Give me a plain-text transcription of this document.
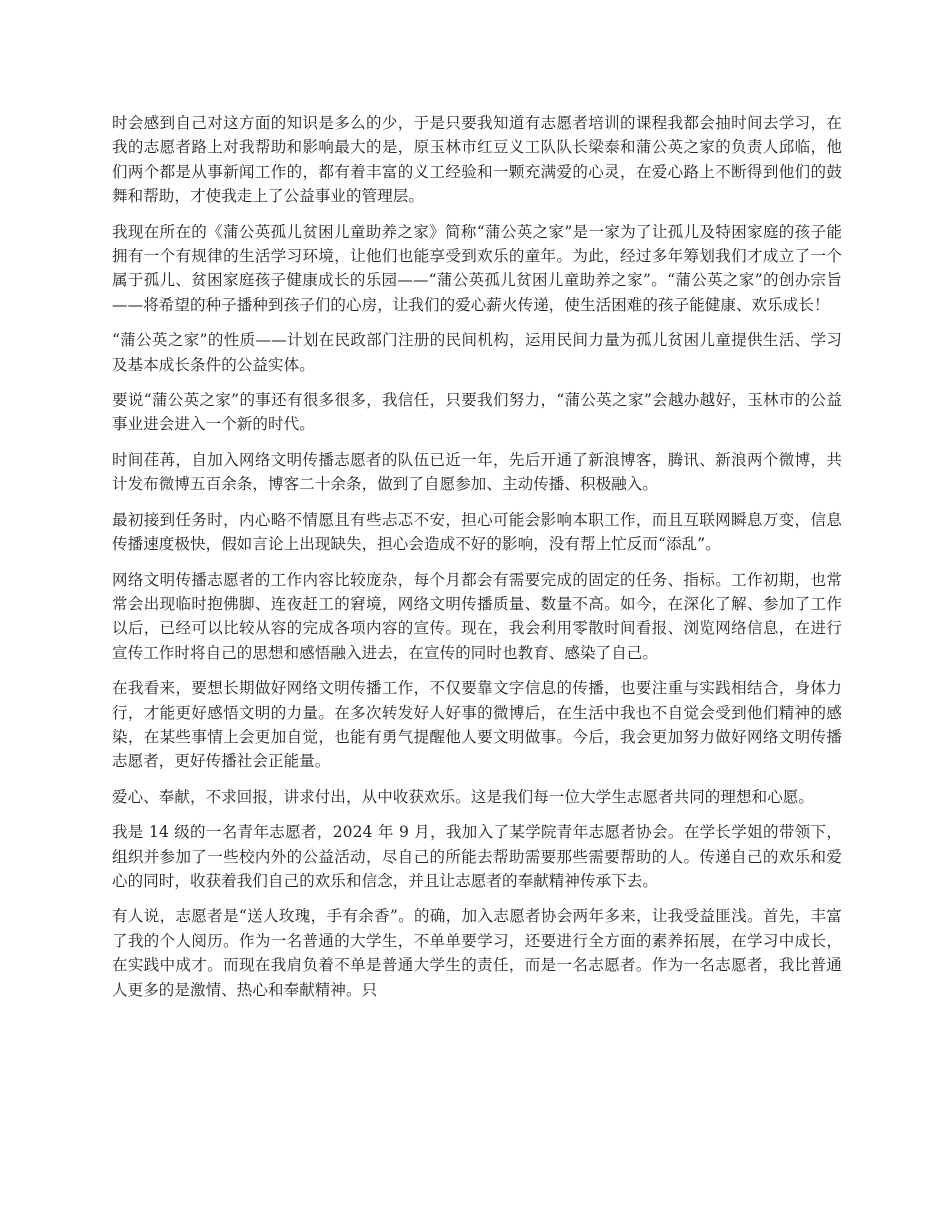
时会感到自己对这方面的知识是多么的少，于是只要我知道有志愿者培训的课程我都会抽时间去学习，在我的志愿者路上对我帮助和影响最大的是，原玉林市红豆义工队队长梁泰和蒲公英之家的负责人邱临，他们两个都是从事新闻工作的，都有着丰富的义工经验和一颗充满爱的心灵，在爱心路上不断得到他们的鼓舞和帮助，才使我走上了公益事业的管理层。

我现在所在的《蒲公英孤儿贫困儿童助养之家》简称“蒲公英之家”是一家为了让孤儿及特困家庭的孩子能拥有一个有规律的生活学习环境，让他们也能享受到欢乐的童年。为此，经过多年筹划我们才成立了一个属于孤儿、贫困家庭孩子健康成长的乐园——“蒲公英孤儿贫困儿童助养之家”。“蒲公英之家”的创办宗旨——将希望的种子播种到孩子们的心房，让我们的爱心薪火传递，使生活困难的孩子能健康、欢乐成长！

“蒲公英之家”的性质——计划在民政部门注册的民间机构，运用民间力量为孤儿贫困儿童提供生活、学习及基本成长条件的公益实体。

要说“蒲公英之家”的事还有很多很多，我信任，只要我们努力，“蒲公英之家”会越办越好，玉林市的公益事业进会进入一个新的时代。

时间荏苒，自加入网络文明传播志愿者的队伍已近一年，先后开通了新浪博客，腾讯、新浪两个微博，共计发布微博五百余条，博客二十余条，做到了自愿参加、主动传播、积极融入。

最初接到任务时，内心略不情愿且有些忐忑不安，担心可能会影响本职工作，而且互联网瞬息万变，信息传播速度极快，假如言论上出现缺失，担心会造成不好的影响，没有帮上忙反而“添乱”。

网络文明传播志愿者的工作内容比较庞杂，每个月都会有需要完成的固定的任务、指标。工作初期，也常常会出现临时抱佛脚、连夜赶工的窘境，网络文明传播质量、数量不高。如今，在深化了解、参加了工作以后，已经可以比较从容的完成各项内容的宣传。现在，我会利用零散时间看报、浏览网络信息，在进行宣传工作时将自己的思想和感悟融入进去，在宣传的同时也教育、感染了自己。

在我看来，要想长期做好网络文明传播工作，不仅要靠文字信息的传播，也要注重与实践相结合，身体力行，才能更好感悟文明的力量。在多次转发好人好事的微博后，在生活中我也不自觉会受到他们精神的感染，在某些事情上会更加自觉，也能有勇气提醒他人要文明做事。今后，我会更加努力做好网络文明传播志愿者，更好传播社会正能量。

爱心、奉献，不求回报，讲求付出，从中收获欢乐。这是我们每一位大学生志愿者共同的理想和心愿。

我是 14 级的一名青年志愿者，2024 年 9 月，我加入了某学院青年志愿者协会。在学长学姐的带领下，组织并参加了一些校内外的公益活动，尽自己的所能去帮助需要那些需要帮助的人。传递自己的欢乐和爱心的同时，收获着我们自己的欢乐和信念，并且让志愿者的奉献精神传承下去。

有人说，志愿者是“送人玫瑰，手有余香”。的确，加入志愿者协会两年多来，让我受益匪浅。首先，丰富了我的个人阅历。作为一名普通的大学生，不单单要学习，还要进行全方面的素养拓展，在学习中成长，在实践中成才。而现在我肩负着不单是普通大学生的责任，而是一名志愿者。作为一名志愿者，我比普通人更多的是激情、热心和奉献精神。只
